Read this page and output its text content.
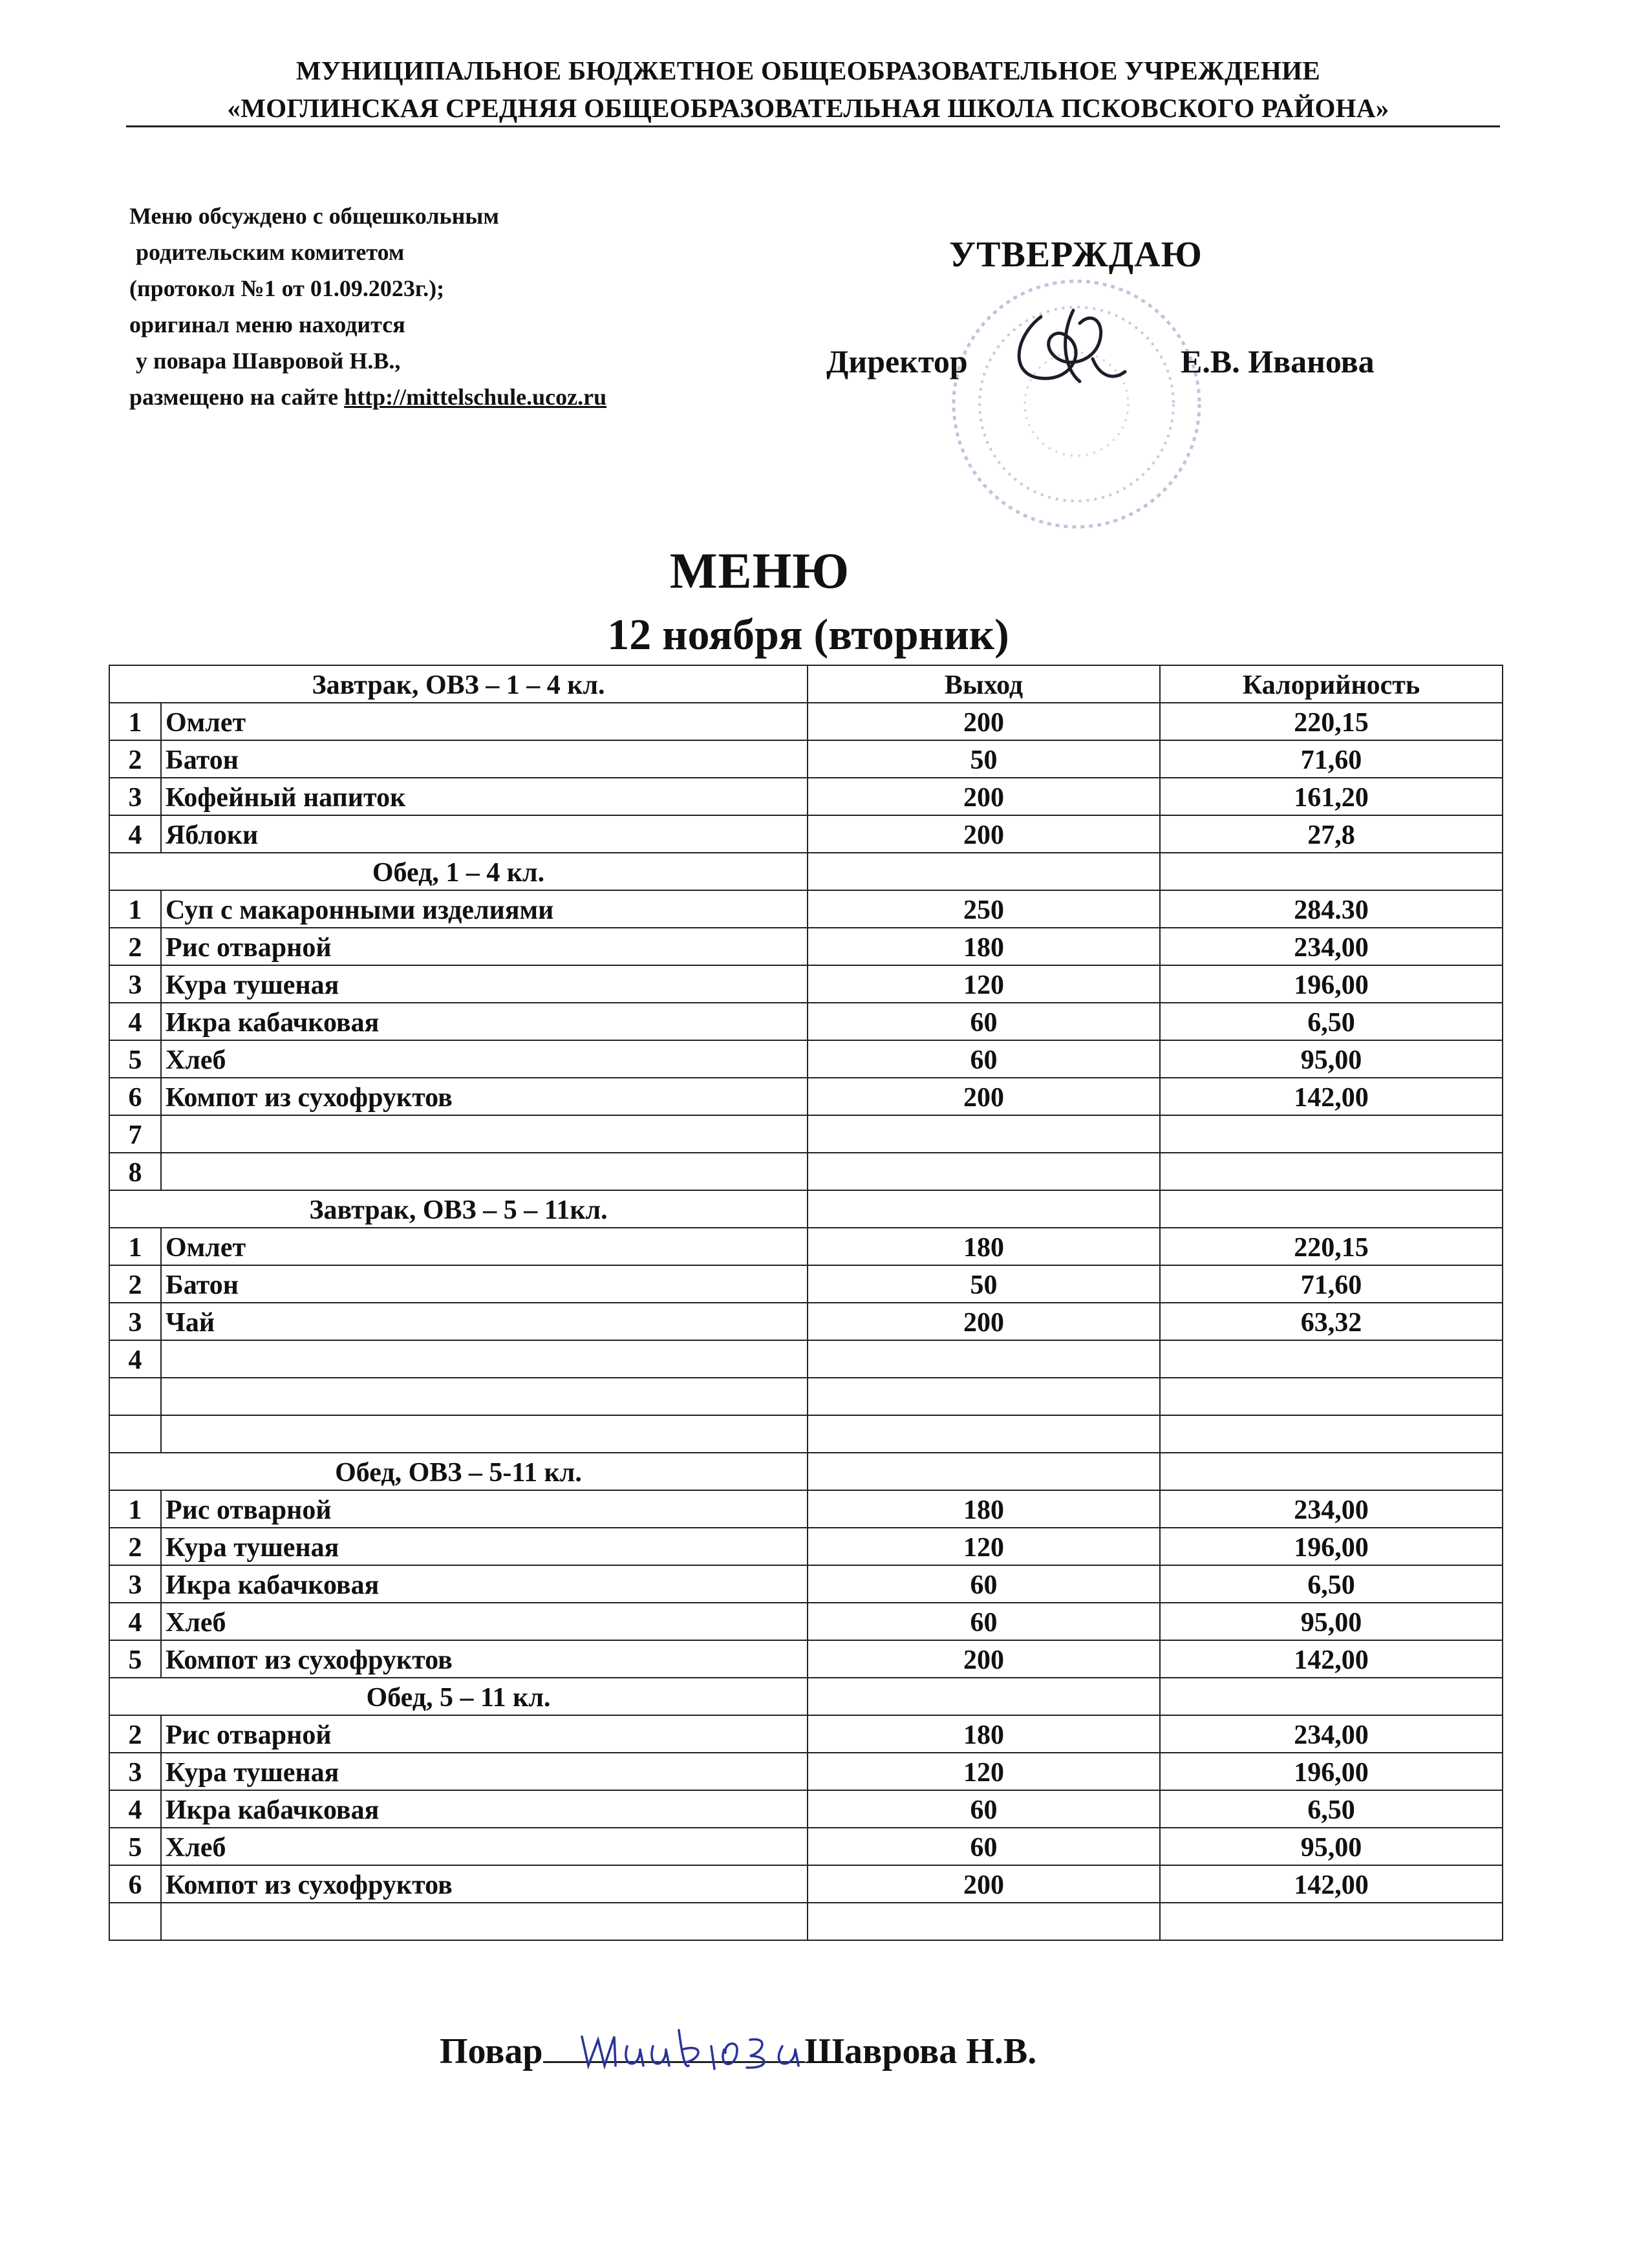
МУНИЦИПАЛЬНОЕ БЮДЖЕТНОЕ ОБЩЕОБРАЗОВАТЕЛЬНОЕ УЧРЕЖДЕНИЕ
«МОГЛИНСКАЯ СРЕДНЯЯ ОБЩЕОБРАЗОВАТЕЛЬНАЯ ШКОЛА ПСКОВСКОГО РАЙОНА»
Меню обсуждено с общешкольным
родительским комитетом
(протокол №1 от 01.09.2023г.);
оригинал меню находится
у повара Шавровой Н.В.,
размещено на сайте http://mittelschule.ucoz.ru
УТВЕРЖДАЮ
Директор	Е.В. Иванова
МЕНЮ
12 ноября (вторник)
Завтрак, ОВЗ – 1 – 4 кл.		Выход	Калорийность
1	Омлет	200	220,15
2	Батон	50	71,60
3	Кофейный напиток	200	161,20
4	Яблоки	200	27,8
Обед, 1 – 4 кл.			
1	Суп с макаронными изделиями	250	284.30
2	Рис отварной	180	234,00
3	Кура тушеная	120	196,00
4	Икра кабачковая	60	6,50
5	Хлеб	60	95,00
6	Компот из сухофруктов	200	142,00
7			
8			
Завтрак, ОВЗ – 5 – 11кл.			
1	Омлет	180	220,15
2	Батон	50	71,60
3	Чай	200	63,32
4			

Обед, ОВЗ – 5-11 кл.			
1	Рис отварной	180	234,00
2	Кура тушеная	120	196,00
3	Икра кабачковая	60	6,50
4	Хлеб	60	95,00
5	Компот из сухофруктов	200	142,00
Обед, 5 – 11 кл.			
2	Рис отварной	180	234,00
3	Кура тушеная	120	196,00
4	Икра кабачковая	60	6,50
5	Хлеб	60	95,00
6	Компот из сухофруктов	200	142,00

Повар	Шаврова Н.В.
